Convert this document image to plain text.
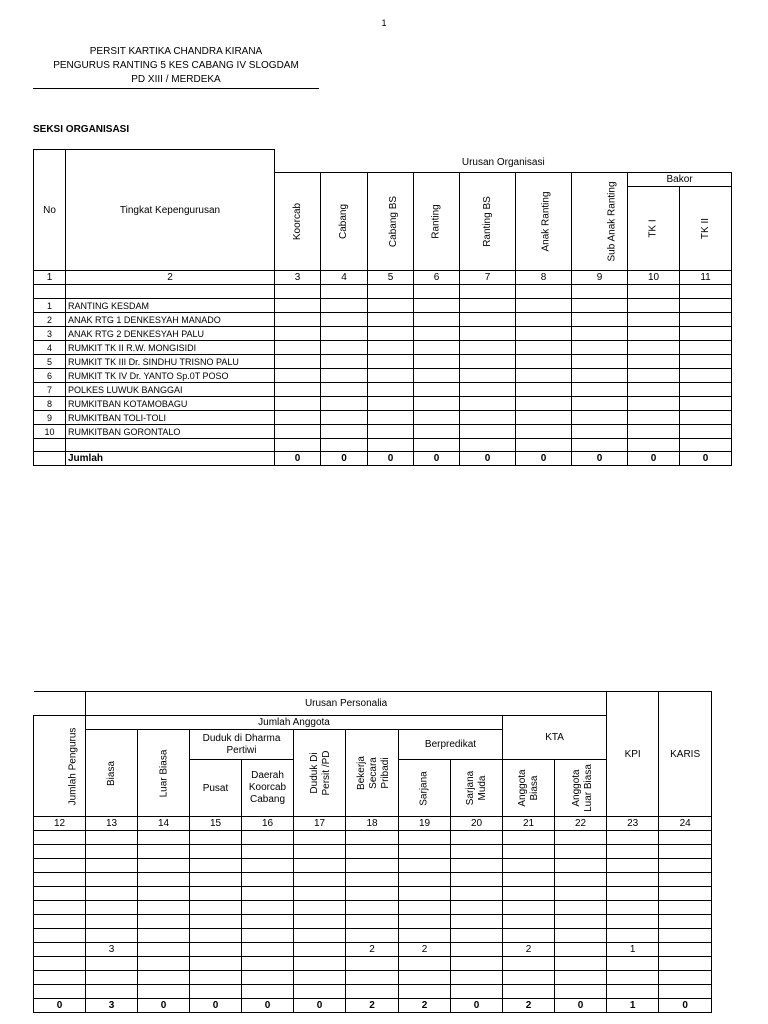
1
PERSIT KARTIKA CHANDRA KIRANA
PENGURUS RANTING 5 KES CABANG IV SLOGDAM
PD XIII / MERDEKA
SEKSI ORGANISASI
No	Tingkat Kepengurusan	Urusan Organisasi								
		Koorcab	Cabang	Cabang BS	Ranting	Ranting BS	Anak Ranting	Sub Anak Ranting	Bakor	
									TK I	TK II
1	2	3	4	5	6	7	8	9	10	11

1	RANTING KESDAM									
2	ANAK RTG 1 DENKESYAH MANADO									
3	ANAK RTG 2 DENKESYAH PALU									
4	RUMKIT TK II R.W. MONGISIDI									
5	RUMKIT TK III Dr. SINDHU TRISNO PALU									
6	RUMKIT TK IV Dr. YANTO Sp.0T POSO									
7	POLKES LUWUK BANGGAI									
8	RUMKITBAN KOTAMOBAGU									
9	RUMKITBAN TOLI-TOLI									
10	RUMKITBAN GORONTALO									

	Jumlah	0	0	0	0	0	0	0	0	0
	Urusan Personalia										KPI	KARIS
Jumlah Pengurus	Jumlah Anggota								KTA			
	Biasa	Luar Biasa	Duduk di Dharma Pertiwi		Duduk Di Persit /PD	Bekerja Secara Pribadi	Berpredikat					
			Pusat	Daerah Koorcab Cabang			Sarjana	Sarjana Muda	Anggota Biasa	Anggota Luar Biasa		
12	13	14	15	16	17	18	19	20	21	22	23	24

	3					2	2		2		1	

0	3	0	0	0	0	2	2	0	2	0	1	0
